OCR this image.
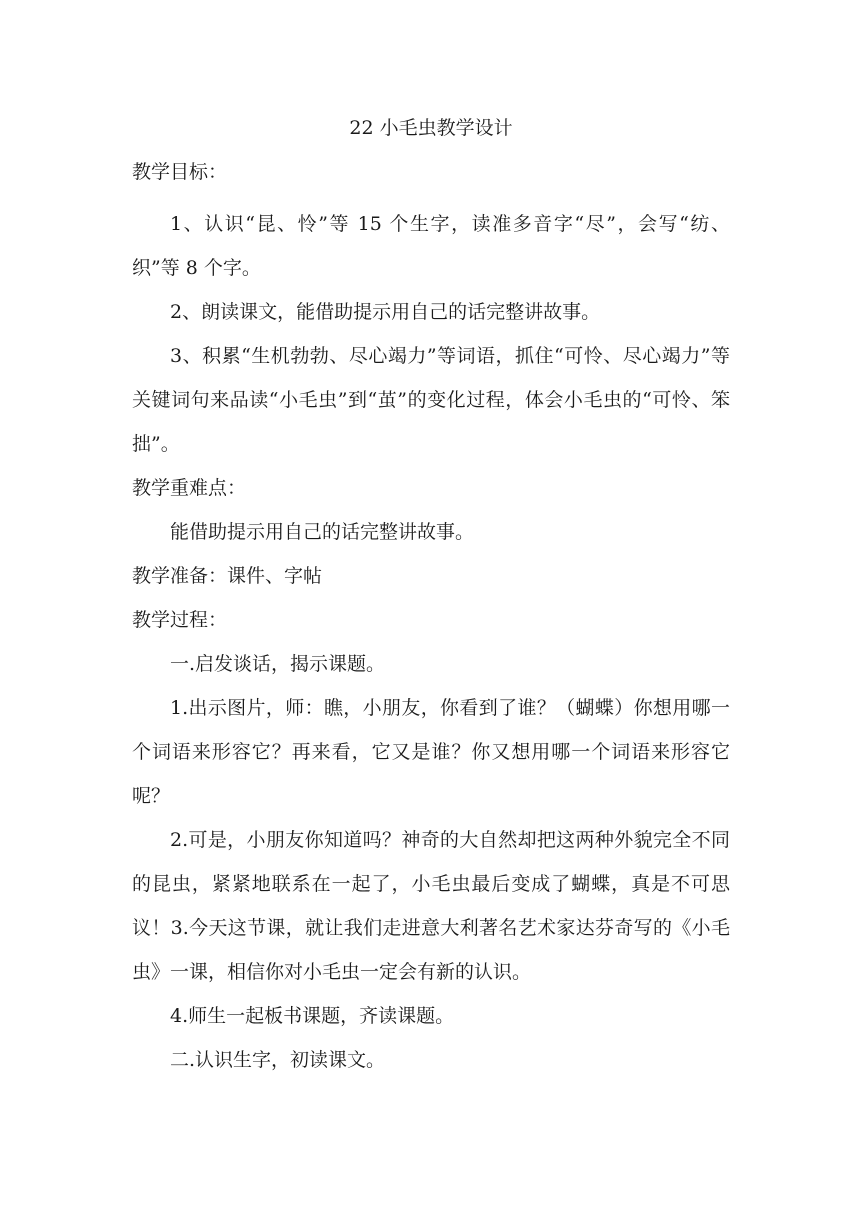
22 小毛虫教学设计
教学目标：

1、认识“昆、怜”等 15 个生字，读准多音字“尽”，会写“纺、织”等 8 个字。

2、朗读课文，能借助提示用自己的话完整讲故事。

3、积累“生机勃勃、尽心竭力”等词语，抓住“可怜、尽心竭力”等关键词句来品读“小毛虫”到“茧”的变化过程，体会小毛虫的“可怜、笨拙”。

教学重难点：

能借助提示用自己的话完整讲故事。

教学准备：课件、字帖
教学过程：

一.启发谈话，揭示课题。

1.出示图片，师：瞧，小朋友，你看到了谁？（蝴蝶）你想用哪一个词语来形容它？再来看，它又是谁？你又想用哪一个词语来形容它呢？

2.可是，小朋友你知道吗？神奇的大自然却把这两种外貌完全不同的昆虫，紧紧地联系在一起了，小毛虫最后变成了蝴蝶，真是不可思议！3.今天这节课，就让我们走进意大利著名艺术家达芬奇写的《小毛虫》一课，相信你对小毛虫一定会有新的认识。

4.师生一起板书课题，齐读课题。

二.认识生字，初读课文。
